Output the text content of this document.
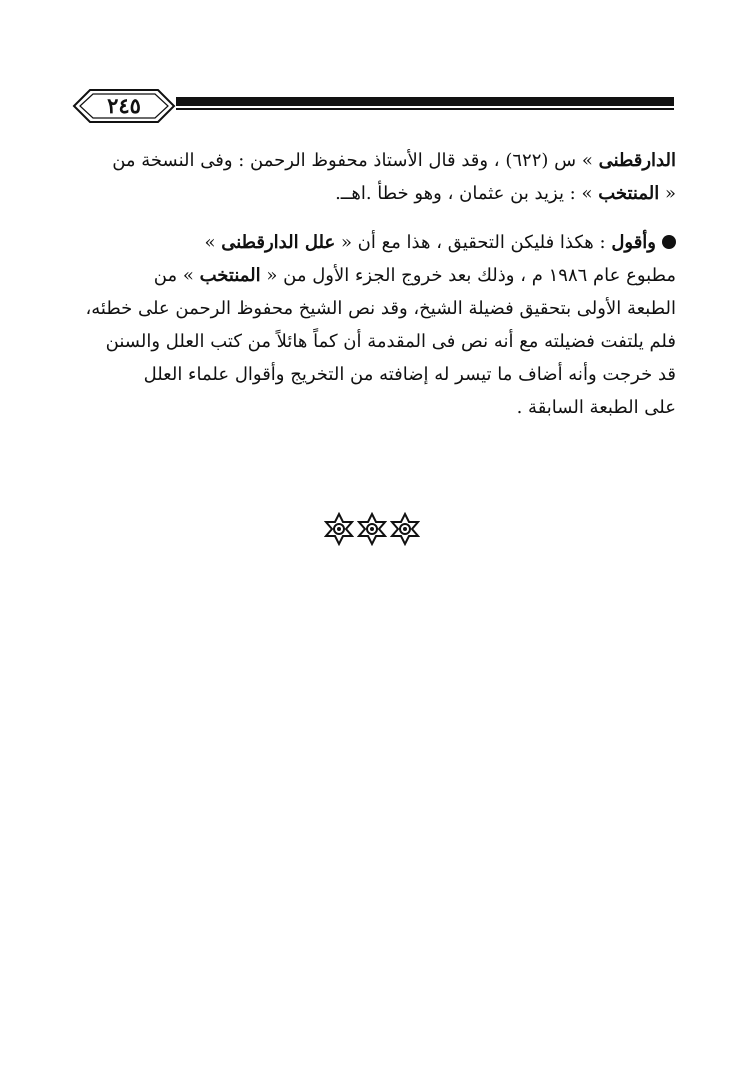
٢٤٥
الدارقطنى » س (٦٢٢) ، وقد قال الأستاذ محفوظ الرحمن : وفى النسخة من
« المنتخب » : يزيد بن عثمان ، وهو خطأ .اهــ.
وأقول : هكذا فليكن التحقيق ، هذا مع أن « علل الدارقطنى »
مطبوع عام ١٩٨٦ م ، وذلك بعد خروج الجزء الأول من « المنتخب » من
الطبعة الأولى بتحقيق فضيلة الشيخ، وقد نص الشيخ محفوظ الرحمن على خطئه،
فلم يلتفت فضيلته مع أنه نص فى المقدمة أن كماً هائلاً من كتب العلل والسنن
قد خرجت وأنه أضاف ما تيسر له إضافته من التخريج وأقوال علماء العلل
على الطبعة السابقة .
